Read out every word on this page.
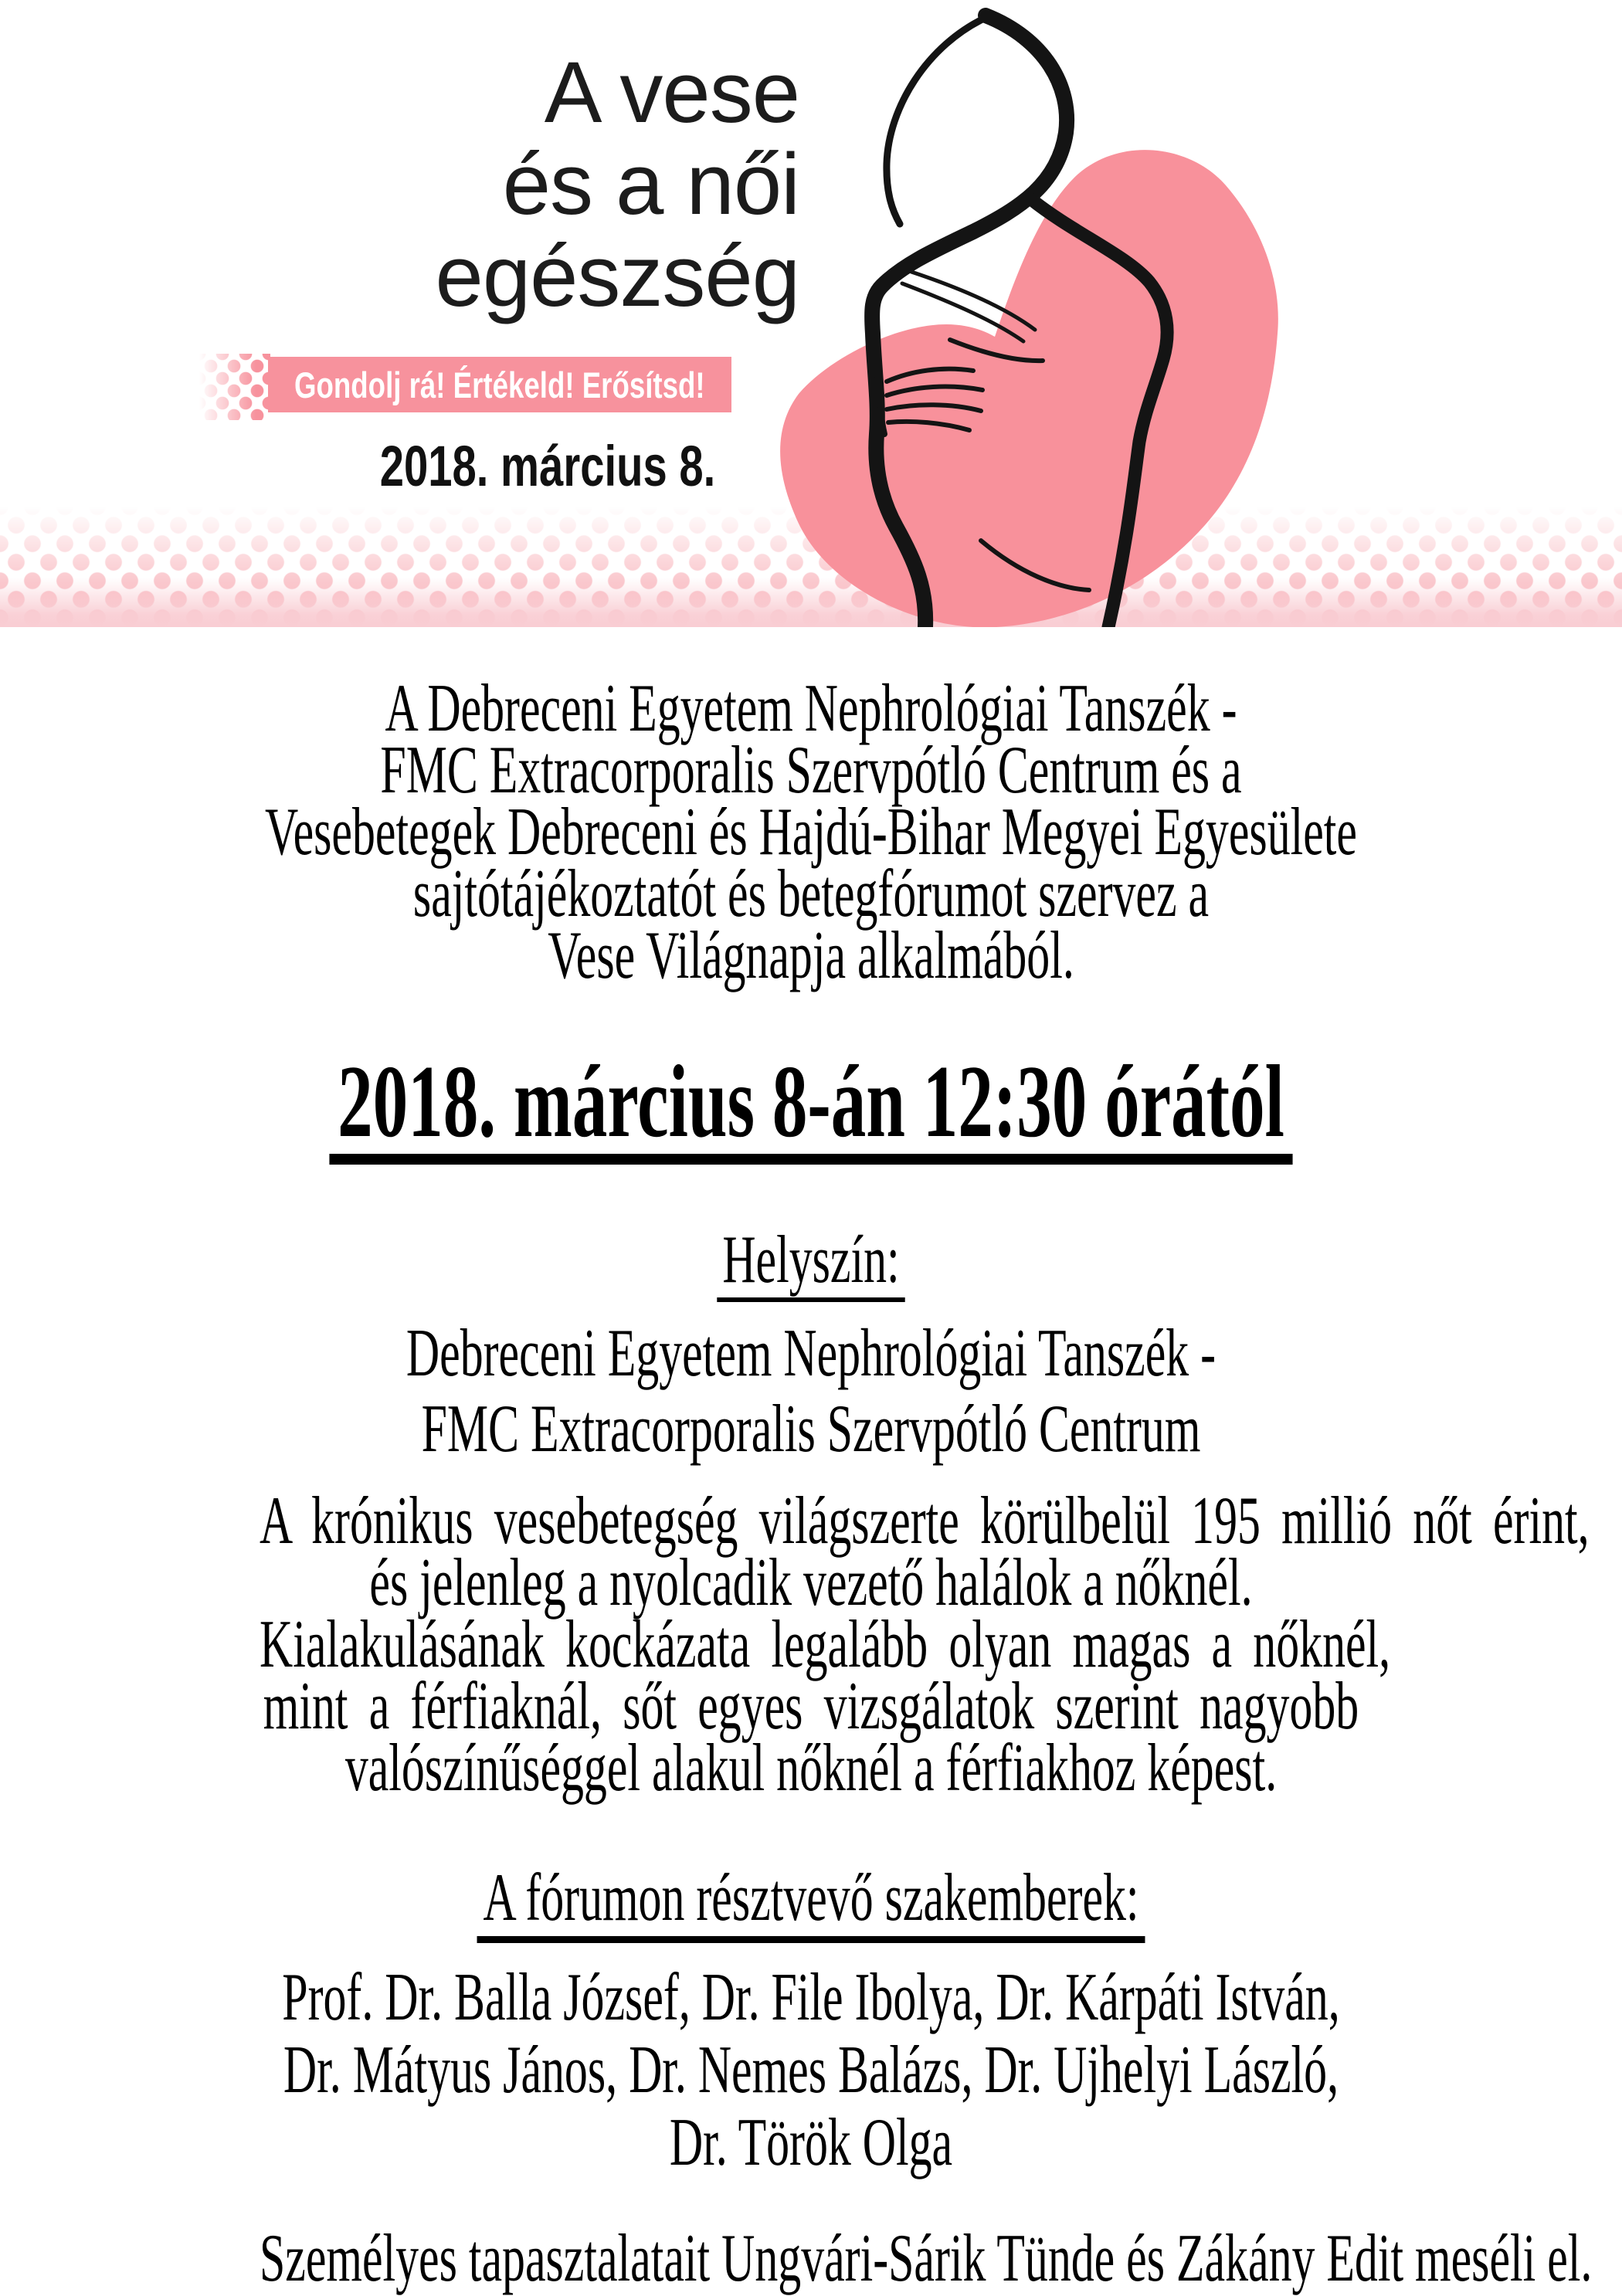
A vese
és a női
egészség
Gondolj rá! Értékeld! Erősítsd!
2018. március 8.
A Debreceni Egyetem Nephrológiai Tanszék -
FMC Extracorporalis Szervpótló Centrum és a
Vesebetegek Debreceni és Hajdú-Bihar Megyei Egyesülete
sajtótájékoztatót és betegfórumot szervez a
Vese Világnapja alkalmából.
2018. március 8-án 12:30 órától
Helyszín:
Debreceni Egyetem Nephrológiai Tanszék -
FMC Extracorporalis Szervpótló Centrum
A krónikus vesebetegség világszerte körülbelül 195 millió nőt érint,
és jelenleg a nyolcadik vezető halálok a nőknél.
Kialakulásának kockázata legalább olyan magas a nőknél,
mint a férfiaknál, sőt egyes vizsgálatok szerint nagyobb
valószínűséggel alakul nőknél a férfiakhoz képest.
A fórumon résztvevő szakemberek:
Prof. Dr. Balla József, Dr. File Ibolya, Dr. Kárpáti István,
Dr. Mátyus János, Dr. Nemes Balázs, Dr. Ujhelyi László,
Dr. Török Olga
Személyes tapasztalatait Ungvári-Sárik Tünde és Zákány Edit meséli el.
